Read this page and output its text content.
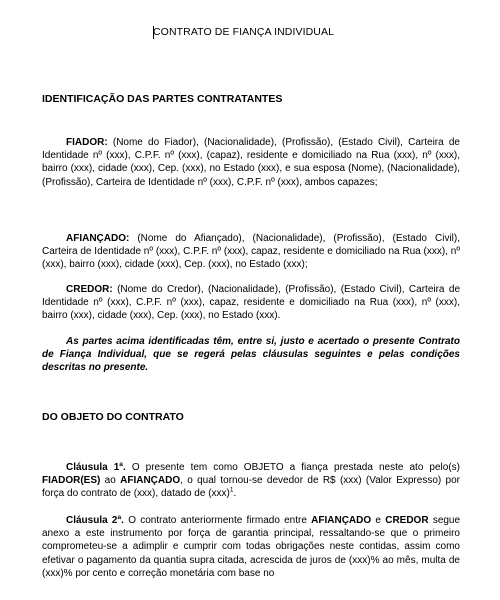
CONTRATO DE FIANÇA INDIVIDUAL
IDENTIFICAÇÃO DAS PARTES CONTRATANTES
FIADOR: (Nome do Fiador), (Nacionalidade), (Profissão), (Estado Civil), Carteira de Identidade nº (xxx), C.P.F. nº (xxx), (capaz), residente e domiciliado na Rua (xxx), nº (xxx), bairro (xxx), cidade (xxx), Cep. (xxx), no Estado (xxx), e sua esposa (Nome), (Nacionalidade), (Profissão), Carteira de Identidade nº (xxx), C.P.F. nº (xxx), ambos capazes;
AFIANÇADO: (Nome do Afiançado), (Nacionalidade), (Profissão), (Estado Civil), Carteira de Identidade nº (xxx), C.P.F. nº (xxx), capaz, residente e domiciliado na Rua (xxx), nº (xxx), bairro (xxx), cidade (xxx), Cep. (xxx), no Estado (xxx);
CREDOR: (Nome do Credor), (Nacionalidade), (Profissão), (Estado Civil), Carteira de Identidade nº (xxx), C.P.F. nº (xxx), capaz, residente e domiciliado na Rua (xxx), nº (xxx), bairro (xxx), cidade (xxx), Cep. (xxx), no Estado (xxx).
As partes acima identificadas têm, entre si, justo e acertado o presente Contrato de Fiança Individual, que se regerá pelas cláusulas seguintes e pelas condições descritas no presente.
DO OBJETO DO CONTRATO
Cláusula 1ª. O presente tem como OBJETO a fiança prestada neste ato pelo(s) FIADOR(ES) ao AFIANÇADO, o qual tornou-se devedor de R$ (xxx) (Valor Expresso) por força do contrato de (xxx), datado de (xxx)$^1$.
Cláusula 2ª. O contrato anteriormente firmado entre AFIANÇADO e CREDOR segue anexo a este instrumento por força de garantia principal, ressaltando-se que o primeiro comprometeu-se a adimplir e cumprir com todas obrigações neste contidas, assim como efetivar o pagamento da quantia supra citada, acrescida de juros de (xxx)% ao mês, multa de (xxx)% por cento e correção monetária com base no
